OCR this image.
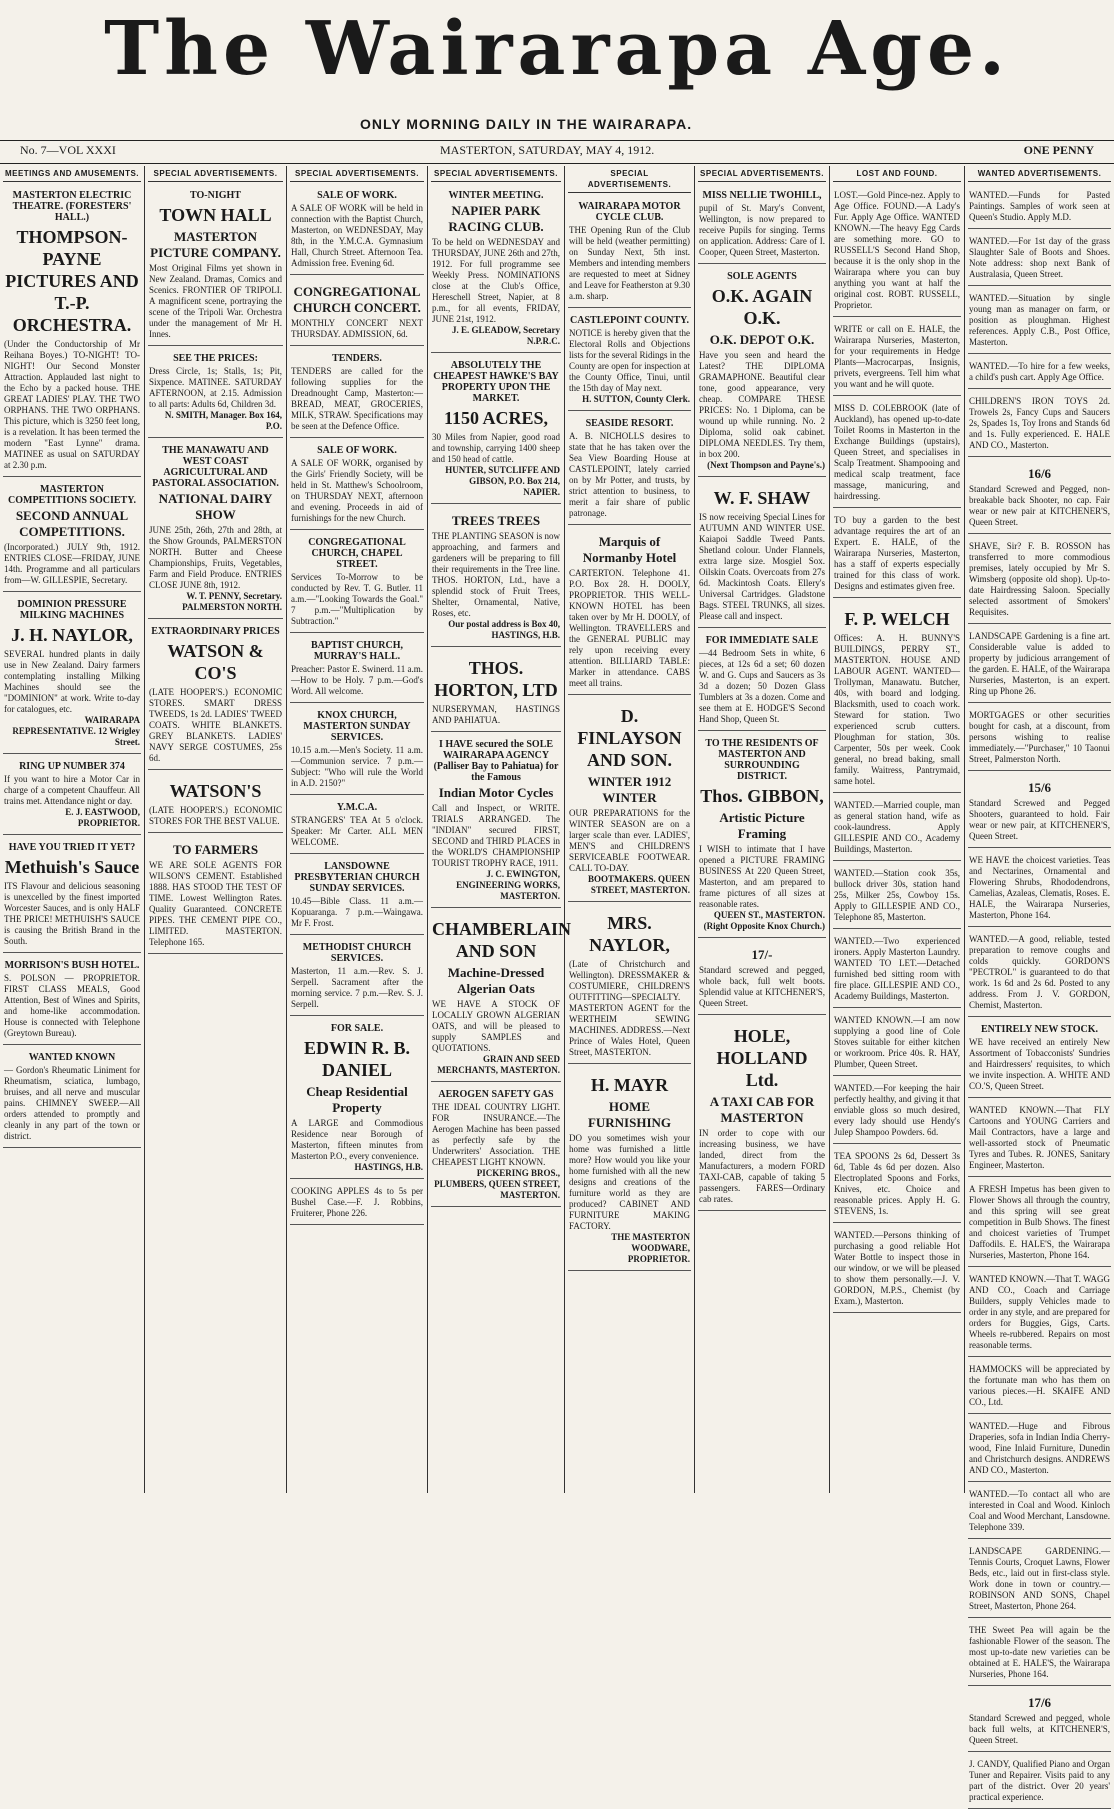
The Wairarapa Age.
ONLY MORNING DAILY IN THE WAIRARAPA.
No. 7—VOL XXXI	MASTERTON, SATURDAY, MAY 4, 1912.	ONE PENNY
MEETINGS AND AMUSEMENTS.
MASTERTON ELECTRIC THEATRE. (FORESTERS' HALL.)
THOMPSON-PAYNE PICTURES AND T.-P. ORCHESTRA.
(Under the Conductorship of Mr Reihana Boyes.) TO-NIGHT! TO-NIGHT! Our Second Monster Attraction. Applauded last night to the Echo by a packed house. THE GREAT LADIES' PLAY. THE TWO ORPHANS. THE TWO ORPHANS. This picture, which is 3250 feet long, is a revelation. It has been termed the modern "East Lynne" drama. MATINEE as usual on SATURDAY at 2.30 p.m.
MASTERTON COMPETITIONS SOCIETY.
SECOND ANNUAL COMPETITIONS.
(Incorporated.) JULY 9th, 1912. ENTRIES CLOSE—FRIDAY, JUNE 14th. Programme and all particulars from—W. GILLESPIE, Secretary.
DOMINION PRESSURE MILKING MACHINES
J. H. NAYLOR,
SEVERAL hundred plants in daily use in New Zealand. Dairy farmers contemplating installing Milking Machines should see the "DOMINION" at work. Write to-day for catalogues, etc.
WAIRARAPA REPRESENTATIVE. 12 Wrigley Street.
RING UP NUMBER 374
If you want to hire a Motor Car in charge of a competent Chauffeur. All trains met. Attendance night or day.
E. J. EASTWOOD, PROPRIETOR.
HAVE YOU TRIED IT YET?
Methuish's Sauce
ITS Flavour and delicious seasoning is unexcelled by the finest imported Worcester Sauces, and is only HALF THE PRICE! METHUISH'S SAUCE is causing the British Brand in the South.
MORRISON'S BUSH HOTEL.
S. POLSON — PROPRIETOR. FIRST CLASS MEALS, Good Attention, Best of Wines and Spirits, and home-like accommodation. House is connected with Telephone (Greytown Bureau).
WANTED KNOWN
— Gordon's Rheumatic Liniment for Rheumatism, sciatica, lumbago, bruises, and all nerve and muscular pains. CHIMNEY SWEEP.—All orders attended to promptly and cleanly in any part of the town or district.
SPECIAL ADVERTISEMENTS.
TO-NIGHT
TOWN HALL
MASTERTON PICTURE COMPANY.
Most Original Films yet shown in New Zealand. Dramas, Comics and Scenics. FRONTIER OF TRIPOLI. A magnificent scene, portraying the scene of the Tripoli War. Orchestra under the management of Mr H. Innes.
SEE THE PRICES:
Dress Circle, 1s; Stalls, 1s; Pit, Sixpence. MATINEE. SATURDAY AFTERNOON, at 2.15. Admission to all parts: Adults 6d, Children 3d.
N. SMITH, Manager. Box 164, P.O.
THE MANAWATU AND WEST COAST AGRICULTURAL AND PASTORAL ASSOCIATION.
NATIONAL DAIRY SHOW
JUNE 25th, 26th, 27th and 28th, at the Show Grounds, PALMERSTON NORTH. Butter and Cheese Championships, Fruits, Vegetables, Farm and Field Produce. ENTRIES CLOSE JUNE 8th, 1912.
W. T. PENNY, Secretary. PALMERSTON NORTH.
EXTRAORDINARY PRICES
WATSON & CO'S
(LATE HOOPER'S.) ECONOMIC STORES. SMART DRESS TWEEDS, 1s 2d. LADIES' TWEED COATS. WHITE BLANKETS. GREY BLANKETS. LADIES' NAVY SERGE COSTUMES, 25s 6d.
WATSON'S
(LATE HOOPER'S.) ECONOMIC STORES FOR THE BEST VALUE.
TO FARMERS
WE ARE SOLE AGENTS FOR WILSON'S CEMENT. Established 1888. HAS STOOD THE TEST OF TIME. Lowest Wellington Rates. Quality Guaranteed. CONCRETE PIPES. THE CEMENT PIPE CO., LIMITED. MASTERTON. Telephone 165.
SPECIAL ADVERTISEMENTS.
SALE OF WORK.
A SALE OF WORK will be held in connection with the Baptist Church, Masterton, on WEDNESDAY, May 8th, in the Y.M.C.A. Gymnasium Hall, Church Street. Afternoon Tea. Admission free. Evening 6d.
CONGREGATIONAL CHURCH CONCERT.
MONTHLY CONCERT NEXT THURSDAY. ADMISSION, 6d.
TENDERS.
TENDERS are called for the following supplies for the Dreadnought Camp, Masterton:—BREAD, MEAT, GROCERIES, MILK, STRAW. Specifications may be seen at the Defence Office.
SALE OF WORK.
A SALE OF WORK, organised by the Girls' Friendly Society, will be held in St. Matthew's Schoolroom, on THURSDAY NEXT, afternoon and evening. Proceeds in aid of furnishings for the new Church.
CONGREGATIONAL CHURCH, CHAPEL STREET.
Services To-Morrow to be conducted by Rev. T. G. Butler. 11 a.m.—"Looking Towards the Goal." 7 p.m.—"Multiplication by Subtraction."
BAPTIST CHURCH, MURRAY'S HALL.
Preacher: Pastor E. Swinerd. 11 a.m.—How to be Holy. 7 p.m.—God's Word. All welcome.
KNOX CHURCH, MASTERTON SUNDAY SERVICES.
10.15 a.m.—Men's Society. 11 a.m.—Communion service. 7 p.m.—Subject: "Who will rule the World in A.D. 2150?"
Y.M.C.A.
STRANGERS' TEA At 5 o'clock. Speaker: Mr Carter. ALL MEN WELCOME.
LANSDOWNE PRESBYTERIAN CHURCH SUNDAY SERVICES.
10.45—Bible Class. 11 a.m.—Kopuaranga. 7 p.m.—Waingawa. Mr F. Frost.
METHODIST CHURCH SERVICES.
Masterton, 11 a.m.—Rev. S. J. Serpell. Sacrament after the morning service. 7 p.m.—Rev. S. J. Serpell.
FOR SALE.
EDWIN R. B. DANIEL
Cheap Residential Property
A LARGE and Commodious Residence near Borough of Masterton, fifteen minutes from Masterton P.O., every convenience.
HASTINGS, H.B.
COOKING APPLES 4s to 5s per Bushel Case.—F. J. Robbins, Fruiterer, Phone 226.
SPECIAL ADVERTISEMENTS.
WINTER MEETING.
NAPIER PARK RACING CLUB.
To be held on WEDNESDAY and THURSDAY, JUNE 26th and 27th, 1912. For full programme see Weekly Press. NOMINATIONS close at the Club's Office, Hereschell Street, Napier, at 8 p.m., for all events, FRIDAY, JUNE 21st, 1912.
J. E. GLEADOW, Secretary N.P.R.C.
ABSOLUTELY THE CHEAPEST HAWKE'S BAY PROPERTY UPON THE MARKET.
1150 ACRES,
30 Miles from Napier, good road and township, carrying 1400 sheep and 150 head of cattle.
HUNTER, SUTCLIFFE AND GIBSON, P.O. Box 214, NAPIER.
TREES TREES
THE PLANTING SEASON is now approaching, and farmers and gardeners will be preparing to fill their requirements in the Tree line. THOS. HORTON, Ltd., have a splendid stock of Fruit Trees, Shelter, Ornamental, Native, Roses, etc.
Our postal address is Box 40, HASTINGS, H.B.
THOS. HORTON, LTD
NURSERYMAN, HASTINGS AND PAHIATUA.
I HAVE secured the SOLE WAIRARAPA AGENCY (Palliser Bay to Pahiatua) for the Famous
Indian Motor Cycles
Call and Inspect, or WRITE. TRIALS ARRANGED. The "INDIAN" secured FIRST, SECOND and THIRD PLACES in the WORLD'S CHAMPIONSHIP TOURIST TROPHY RACE, 1911.
J. C. EWINGTON, ENGINEERING WORKS, MASTERTON.
CHAMBERLAIN AND SON
Machine-Dressed Algerian Oats
WE HAVE A STOCK OF LOCALLY GROWN ALGERIAN OATS, and will be pleased to supply SAMPLES and QUOTATIONS.
GRAIN AND SEED MERCHANTS, MASTERTON.
AEROGEN SAFETY GAS
THE IDEAL COUNTRY LIGHT. FOR INSURANCE.—The Aerogen Machine has been passed as perfectly safe by the Underwriters' Association. THE CHEAPEST LIGHT KNOWN.
PICKERING BROS., PLUMBERS, QUEEN STREET, MASTERTON.
SPECIAL ADVERTISEMENTS.
WAIRARAPA MOTOR CYCLE CLUB.
THE Opening Run of the Club will be held (weather permitting) on Sunday Next, 5th inst. Members and intending members are requested to meet at Sidney and Leave for Featherston at 9.30 a.m. sharp.
CASTLEPOINT COUNTY.
NOTICE is hereby given that the Electoral Rolls and Objections lists for the several Ridings in the County are open for inspection at the County Office, Tinui, until the 15th day of May next.
H. SUTTON, County Clerk.
SEASIDE RESORT.
A. B. NICHOLLS desires to state that he has taken over the Sea View Boarding House at CASTLEPOINT, lately carried on by Mr Potter, and trusts, by strict attention to business, to merit a fair share of public patronage.
Marquis of Normanby Hotel
CARTERTON. Telephone 41. P.O. Box 28. H. DOOLY, PROPRIETOR. THIS WELL-KNOWN HOTEL has been taken over by Mr H. DOOLY, of Wellington. TRAVELLERS and the GENERAL PUBLIC may rely upon receiving every attention. BILLIARD TABLE: Marker in attendance. CABS meet all trains.
D. FINLAYSON AND SON.
WINTER 1912 WINTER
OUR PREPARATIONS for the WINTER SEASON are on a larger scale than ever. LADIES', MEN'S and CHILDREN'S SERVICEABLE FOOTWEAR. CALL TO-DAY.
BOOTMAKERS. QUEEN STREET, MASTERTON.
MRS. NAYLOR,
(Late of Christchurch and Wellington). DRESSMAKER & COSTUMIERE, CHILDREN'S OUTFITTING—SPECIALTY. MASTERTON AGENT for the WERTHEIM SEWING MACHINES. ADDRESS.—Next Prince of Wales Hotel, Queen Street, MASTERTON.
H. MAYR
HOME FURNISHING
DO you sometimes wish your home was furnished a little more? How would you like your home furnished with all the new designs and creations of the furniture world as they are produced? CABINET AND FURNITURE MAKING FACTORY.
THE MASTERTON WOODWARE, PROPRIETOR.
SPECIAL ADVERTISEMENTS.
MISS NELLIE TWOHILL,
pupil of St. Mary's Convent, Wellington, is now prepared to receive Pupils for singing. Terms on application. Address: Care of I. Cooper, Queen Street, Masterton.
SOLE AGENTS
O.K. AGAIN O.K.
O.K. DEPOT O.K.
Have you seen and heard the Latest? THE DIPLOMA GRAMAPHONE. Beautiful clear tone, good appearance, very cheap. COMPARE THESE PRICES: No. 1 Diploma, can be wound up while running. No. 2 Diploma, solid oak cabinet. DIPLOMA NEEDLES. Try them, in box 200.
(Next Thompson and Payne's.)
W. F. SHAW
IS now receiving Special Lines for AUTUMN AND WINTER USE. Kaiapoi Saddle Tweed Pants. Shetland colour. Under Flannels, extra large size. Mosgiel Sox. Oilskin Coats. Overcoats from 27s 6d. Mackintosh Coats. Ellery's Universal Cartridges. Gladstone Bags. STEEL TRUNKS, all sizes. Please call and inspect.
FOR IMMEDIATE SALE
—44 Bedroom Sets in white, 6 pieces, at 12s 6d a set; 60 dozen W. and G. Cups and Saucers as 3s 3d a dozen; 50 Dozen Glass Tumblers at 3s a dozen. Come and see them at E. HODGE'S Second Hand Shop, Queen St.
TO THE RESIDENTS OF MASTERTON AND SURROUNDING DISTRICT.
Thos. GIBBON,
Artistic Picture Framing
I WISH to intimate that I have opened a PICTURE FRAMING BUSINESS At 220 Queen Street, Masterton, and am prepared to frame pictures of all sizes at reasonable rates.
QUEEN ST., MASTERTON. (Right Opposite Knox Church.)
17/-
Standard screwed and pegged, whole back, full welt boots. Splendid value at KITCHENER'S, Queen Street.
HOLE, HOLLAND Ltd.
A TAXI CAB FOR MASTERTON
IN order to cope with our increasing business, we have landed, direct from the Manufacturers, a modern FORD TAXI-CAB, capable of taking 5 passengers. FARES—Ordinary cab rates.
LOST AND FOUND.
LOST.—Gold Pince-nez. Apply to Age Office. FOUND.—A Lady's Fur. Apply Age Office. WANTED KNOWN.—The heavy Egg Cards are something more. GO to RUSSELL'S Second Hand Shop, because it is the only shop in the Wairarapa where you can buy anything you want at half the original cost. ROBT. RUSSELL, Proprietor.
WRITE or call on E. HALE, the Wairarapa Nurseries, Masterton, for your requirements in Hedge Plants—Macrocarpas, Insignis, privets, evergreens. Tell him what you want and he will quote.
MISS D. COLEBROOK (late of Auckland), has opened up-to-date Toilet Rooms in Masterton in the Exchange Buildings (upstairs), Queen Street, and specialises in Scalp Treatment. Shampooing and medical scalp treatment, face massage, manicuring, and hairdressing.
TO buy a garden to the best advantage requires the art of an Expert. E. HALE, of the Wairarapa Nurseries, Masterton, has a staff of experts especially trained for this class of work. Designs and estimates given free.
F. P. WELCH
Offices: A. H. BUNNY'S BUILDINGS, PERRY ST., MASTERTON. HOUSE AND LABOUR AGENT. WANTED—Trollyman, Manawatu. Butcher, 40s, with board and lodging. Blacksmith, used to coach work. Steward for station. Two experienced scrub cutters. Ploughman for station, 30s. Carpenter, 50s per week. Cook general, no bread baking, small family. Waitress, Pantrymaid, same hotel.
WANTED.—Married couple, man as general station hand, wife as cook-laundress. Apply GILLESPIE AND CO., Academy Buildings, Masterton.
WANTED.—Station cook 35s, bullock driver 30s, station hand 25s, Milker 25s, Cowboy 15s. Apply to GILLESPIE AND CO., Telephone 85, Masterton.
WANTED.—Two experienced ironers. Apply Masterton Laundry. WANTED TO LET.—Detached furnished bed sitting room with fire place. GILLESPIE AND CO., Academy Buildings, Masterton.
WANTED KNOWN.—I am now supplying a good line of Cole Stoves suitable for either kitchen or workroom. Price 40s. R. HAY, Plumber, Queen Street.
WANTED.—For keeping the hair perfectly healthy, and giving it that enviable gloss so much desired, every lady should use Hendy's Julep Shampoo Powders. 6d.
TEA SPOONS 2s 6d, Dessert 3s 6d, Table 4s 6d per dozen. Also Electroplated Spoons and Forks, Knives, etc. Choice and reasonable prices. Apply H. G. STEVENS, 1s.
WANTED.—Persons thinking of purchasing a good reliable Hot Water Bottle to inspect those in our window, or we will be pleased to show them personally.—J. V. GORDON, M.P.S., Chemist (by Exam.), Masterton.
WANTED ADVERTISEMENTS.
WANTED.—Funds for Pasted Paintings. Samples of work seen at Queen's Studio. Apply M.D.
WANTED.—For 1st day of the grass Slaughter Sale of Boots and Shoes. Note address: shop next Bank of Australasia, Queen Street.
WANTED.—Situation by single young man as manager on farm, or position as ploughman. Highest references. Apply C.B., Post Office, Masterton.
WANTED.—To hire for a few weeks, a child's push cart. Apply Age Office.
CHILDREN'S IRON TOYS 2d. Trowels 2s, Fancy Cups and Saucers 2s, Spades 1s, Toy Irons and Stands 6d and 1s. Fully experienced. E. HALE AND CO., Masterton.
16/6
Standard Screwed and Pegged, non-breakable back Shooter, no cap. Fair wear or new pair at KITCHENER'S, Queen Street.
SHAVE, Sir? F. B. ROSSON has transferred to more commodious premises, lately occupied by Mr S. Wimsberg (opposite old shop). Up-to-date Hairdressing Saloon. Specially selected assortment of Smokers' Requisites.
LANDSCAPE Gardening is a fine art. Considerable value is added to property by judicious arrangement of the garden. E. HALE, of the Wairarapa Nurseries, Masterton, is an expert. Ring up Phone 26.
MORTGAGES or other securities bought for cash, at a discount, from persons wishing to realise immediately.—"Purchaser," 10 Taonui Street, Palmerston North.
15/6
Standard Screwed and Pegged Shooters, guaranteed to hold. Fair wear or new pair, at KITCHENER'S, Queen Street.
WE HAVE the choicest varieties. Teas and Nectarines, Ornamental and Flowering Shrubs, Rhododendrons, Camelias, Azaleas, Clematis, Roses. E. HALE, the Wairarapa Nurseries, Masterton, Phone 164.
WANTED.—A good, reliable, tested preparation to remove coughs and colds quickly. GORDON'S "PECTROL" is guaranteed to do that work. 1s 6d and 2s 6d. Posted to any address. From J. V. GORDON, Chemist, Masterton.
ENTIRELY NEW STOCK.
WE have received an entirely New Assortment of Tobacconists' Sundries and Hairdressers' requisites, to which we invite inspection. A. WHITE AND CO.'S, Queen Street.
WANTED KNOWN.—That FLY Cartoons and YOUNG Carriers and Mail Contractors, have a large and well-assorted stock of Pneumatic Tyres and Tubes. R. JONES, Sanitary Engineer, Masterton.
A FRESH Impetus has been given to Flower Shows all through the country, and this spring will see great competition in Bulb Shows. The finest and choicest varieties of Trumpet Daffodils. E. HALE'S, the Wairarapa Nurseries, Masterton, Phone 164.
WANTED KNOWN.—That T. WAGG AND CO., Coach and Carriage Builders, supply Vehicles made to order in any style, and are prepared for orders for Buggies, Gigs, Carts. Wheels re-rubbered. Repairs on most reasonable terms.
HAMMOCKS will be appreciated by the fortunate man who has them on various pieces.—H. SKAIFE AND CO., Ltd.
WANTED.—Huge and Fibrous Draperies, sofa in Indian India Cherry-wood, Fine Inlaid Furniture, Dunedin and Christchurch designs. ANDREWS AND CO., Masterton.
WANTED.—To contact all who are interested in Coal and Wood. Kinloch Coal and Wood Merchant, Lansdowne. Telephone 339.
LANDSCAPE GARDENING.—Tennis Courts, Croquet Lawns, Flower Beds, etc., laid out in first-class style. Work done in town or country.—ROBINSON AND SONS, Chapel Street, Masterton, Phone 264.
THE Sweet Pea will again be the fashionable Flower of the season. The most up-to-date new varieties can be obtained at E. HALE'S, the Wairarapa Nurseries, Phone 164.
17/6
Standard Screwed and pegged, whole back full welts, at KITCHENER'S, Queen Street.
J. CANDY, Qualified Piano and Organ Tuner and Repairer. Visits paid to any part of the district. Over 20 years' practical experience.
